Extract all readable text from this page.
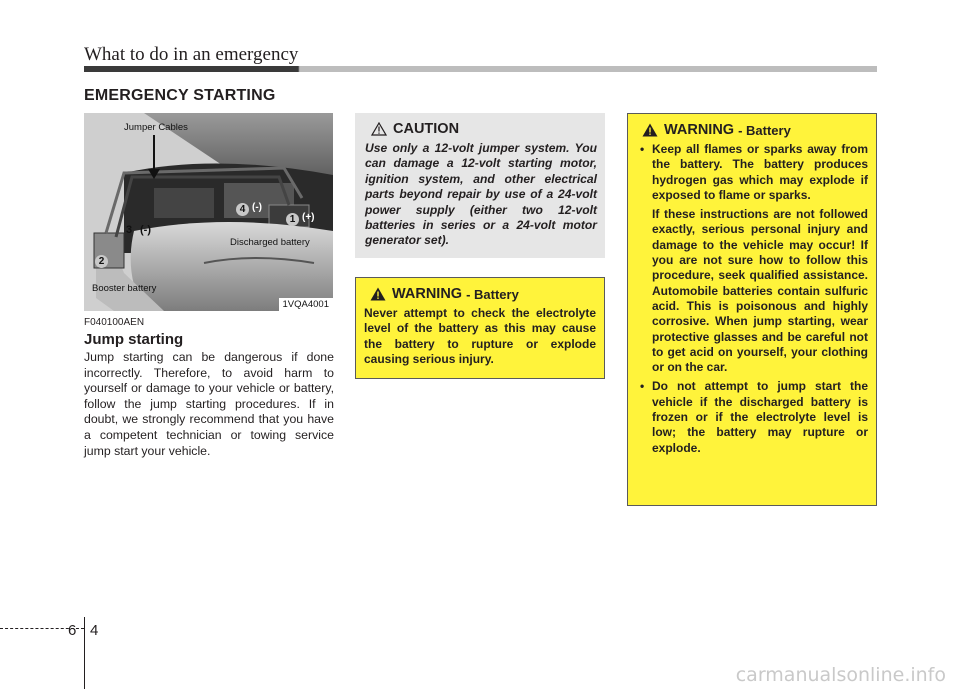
What to do in an emergency
EMERGENCY STARTING
Jumper Cables
1 (+)
4 (-)
3 (-)
2
Discharged battery
Booster battery
1VQA4001
F040100AEN
Jump starting
Jump starting can be dangerous if done incorrectly. Therefore, to avoid harm to yourself or damage to your vehicle or battery, follow the jump starting procedures. If in doubt, we strongly recommend that you have a competent technician or towing service jump start your vehicle.
CAUTION
Use only a 12-volt jumper system. You can damage a 12-volt starting motor, ignition system, and other electrical parts beyond repair by use of a 24-volt power supply (either two 12-volt batteries in series or a 24-volt motor generator set).
WARNING - Battery
Never attempt to check the electrolyte level of the battery as this may cause the battery to rupture or explode causing serious injury.
WARNING - Battery
• Keep all flames or sparks away from the battery. The battery produces hydrogen gas which may explode if exposed to flame or sparks.

If these instructions are not followed exactly, serious personal injury and damage to the vehicle may occur! If you are not sure how to follow this procedure, seek qualified assistance. Automobile batteries contain sulfuric acid. This is poisonous and highly corrosive. When jump starting, wear protective glasses and be careful not to get acid on yourself, your clothing or on the car.

• Do not attempt to jump start the vehicle if the discharged battery is frozen or if the electrolyte level is low; the battery may rupture or explode.

6 4
carmanualsonline.info
